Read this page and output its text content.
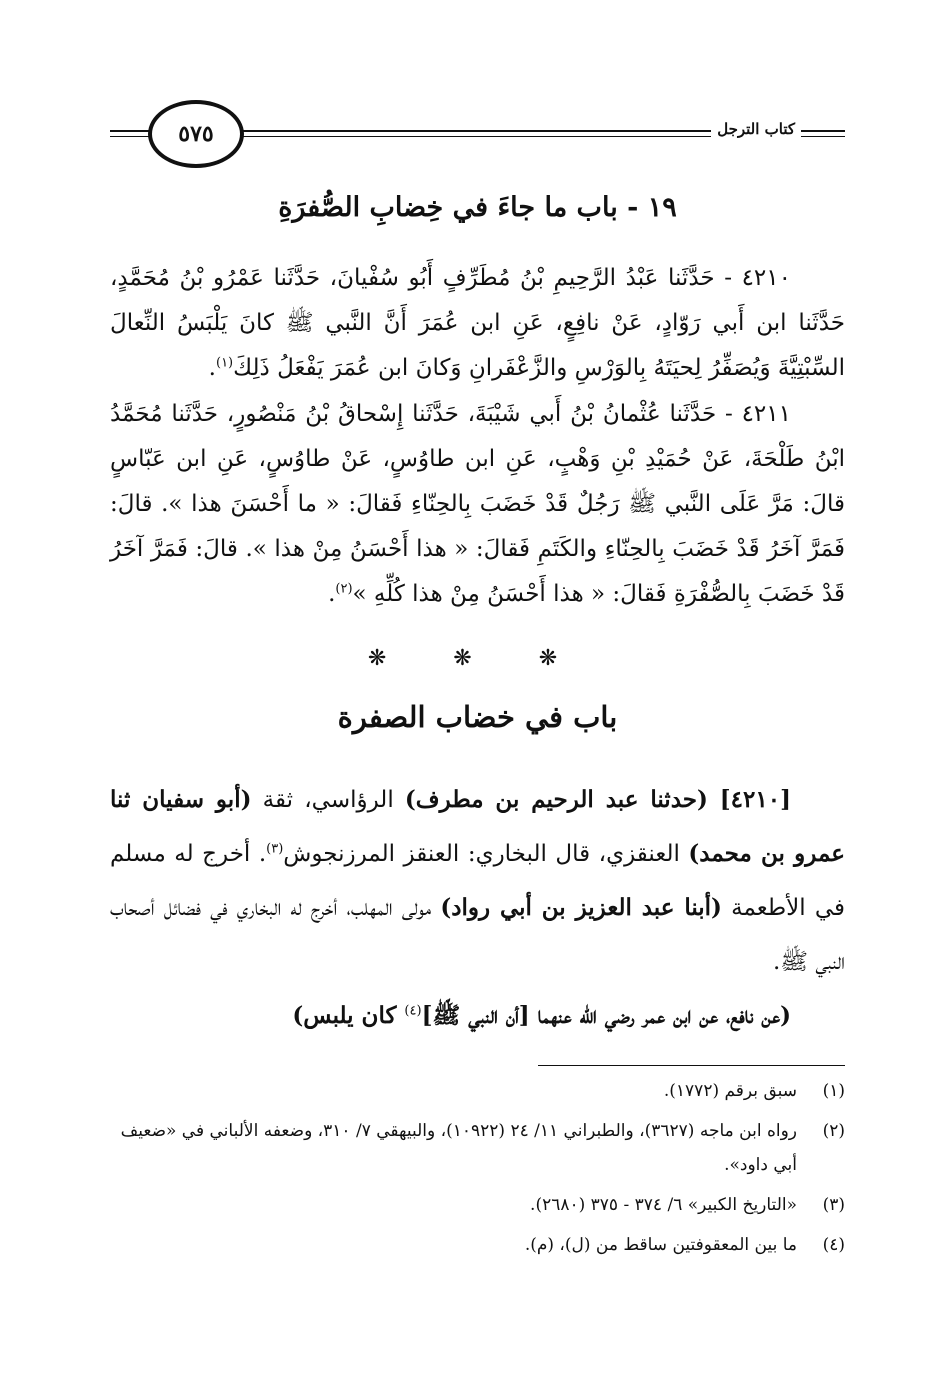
٥٧٥	كتاب الترجل
١٩ - باب ما جاءَ في خِضابِ الصُّفرَةِ

٤٢١٠ - حَدَّثَنا عَبْدُ الرَّحِيمِ بْنُ مُطَرِّفٍ أَبُو سُفْيانَ، حَدَّثَنا عَمْرُو بْنُ مُحَمَّدٍ، حَدَّثَنا ابن أَبي رَوّادٍ، عَنْ نافِعٍ، عَنِ ابن عُمَرَ أَنَّ النَّبي ﷺ كانَ يَلْبَسُ النِّعالَ السِّبْتِيَّةَ وَيُصَفِّرُ لِحيَتَهُ بِالوَرْسِ والزَّعْفَرانِ وَكانَ ابن عُمَرَ يَفْعَلُ ذَلِكَ$^{(١)}$.

٤٢١١ - حَدَّثَنا عُثْمانُ بْنُ أَبي شَيْبَةَ، حَدَّثَنا إِسْحاقُ بْنُ مَنْصُورٍ، حَدَّثَنا مُحَمَّدُ ابْنُ طَلْحَةَ، عَنْ حُمَيْدِ بْنِ وَهْبٍ، عَنِ ابن طاوُسٍ، عَنْ طاوُسٍ، عَنِ ابن عَبّاسٍ قالَ: مَرَّ عَلَى النَّبي ﷺ رَجُلٌ قَدْ خَضَبَ بِالحِنّاءِ فَقالَ: « ما أَحْسَنَ هذا ». قالَ: فَمَرَّ آخَرُ قَدْ خَضَبَ بِالحِنّاءِ والكَتَمِ فَقالَ: « هذا أَحْسَنُ مِنْ هذا ». قالَ: فَمَرَّ آخَرُ قَدْ خَضَبَ بِالصُّفْرَةِ فَقالَ: « هذا أَحْسَنُ مِنْ هذا كُلِّهِ »$^{(٢)}$.

❋ ❋ ❋
باب في خضاب الصفرة

[٤٢١٠] (حدثنا عبد الرحيم بن مطرف) الرؤاسي، ثقة (أبو سفيان ثنا عمرو بن محمد) العنقزي، قال البخاري: العنقز المرزنجوش$^{(٣)}$. أخرج له مسلم في الأطعمة (أبنا عبد العزيز بن أبي رواد) مولى المهلب، أخرج له البخاري في فضائل أصحاب النبي ﷺ.

(عن نافع، عن ابن عمر رضي الله عنهما [أن النبي ﷺ]$^{(٤)}$ كان يلبس)

(١)
سبق برقم (١٧٧٢).
(٢)
رواه ابن ماجه (٣٦٢٧)، والطبراني ١١/ ٢٤ (١٠٩٢٢)، والبيهقي ٧/ ٣١٠، وضعفه الألباني في «ضعيف أبي داود».
(٣)
«التاريخ الكبير» ٦/ ٣٧٤ - ٣٧٥ (٢٦٨٠).
(٤)
ما بين المعقوفتين ساقط من (ل)، (م).
